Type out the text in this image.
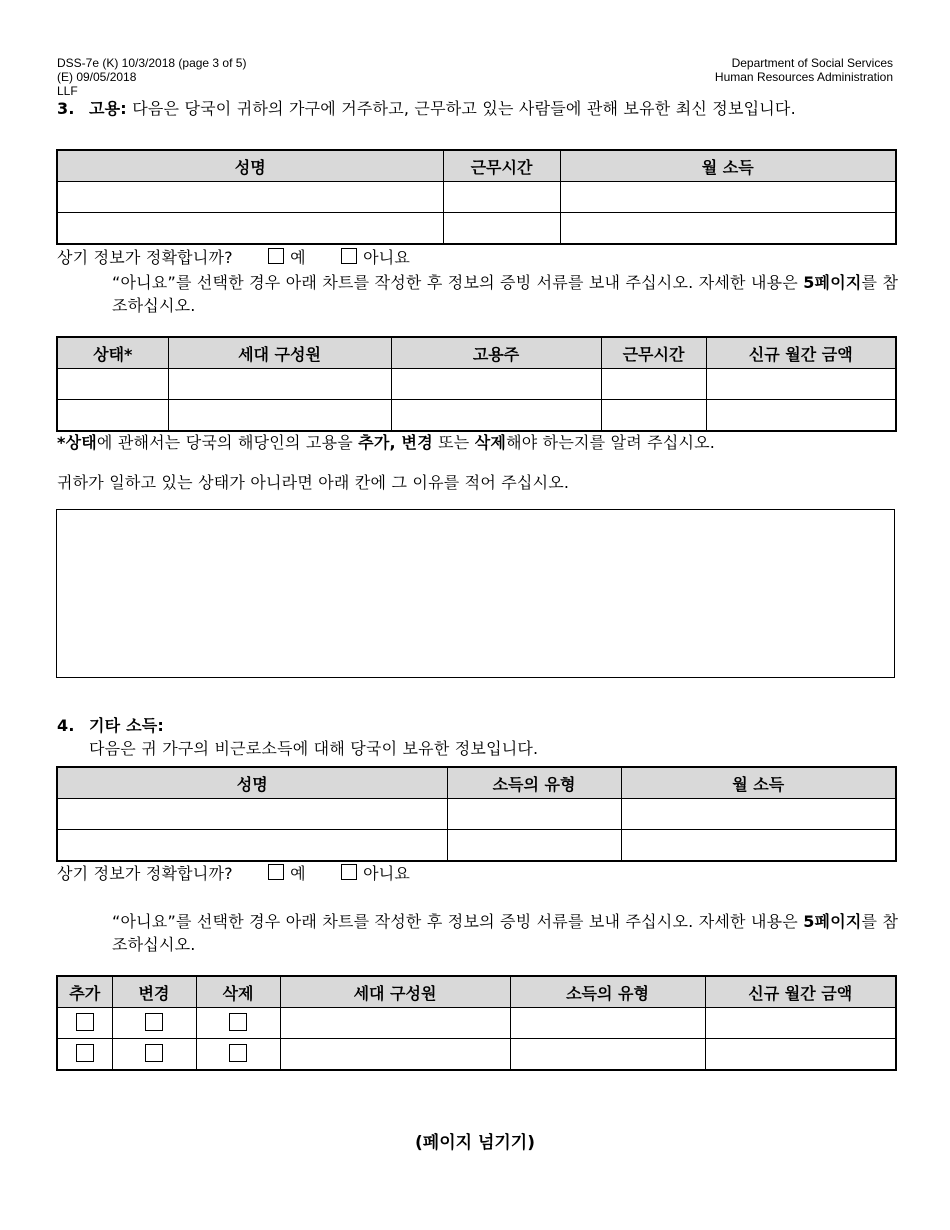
DSS-7e (K) 10/3/2018 (page 3 of 5)
(E) 09/05/2018
LLF
Department of Social Services
Human Resources Administration
3. 고용: 다음은 당국이 귀하의 가구에 거주하고, 근무하고 있는 사람들에 관해 보유한 최신 정보입니다.
성명	근무시간	월 소득

상기 정보가 정확합니까?	예	아니요
“아니요”를 선택한 경우 아래 차트를 작성한 후 정보의 증빙 서류를 보내 주십시오. 자세한 내용은 5페이지를 참조하십시오.
상태*	세대 구성원	고용주	근무시간	신규 월간 금액

*상태에 관해서는 당국의 해당인의 고용을 추가, 변경 또는 삭제해야 하는지를 알려 주십시오.
귀하가 일하고 있는 상태가 아니라면 아래 칸에 그 이유를 적어 주십시오.
4. 기타 소득:
다음은 귀 가구의 비근로소득에 대해 당국이 보유한 정보입니다.
성명	소득의 유형	월 소득

상기 정보가 정확합니까?	예	아니요
“아니요”를 선택한 경우 아래 차트를 작성한 후 정보의 증빙 서류를 보내 주십시오. 자세한 내용은 5페이지를 참조하십시오.
추가	변경	삭제	세대 구성원	소득의 유형	신규 월간 금액

(페이지 넘기기)
